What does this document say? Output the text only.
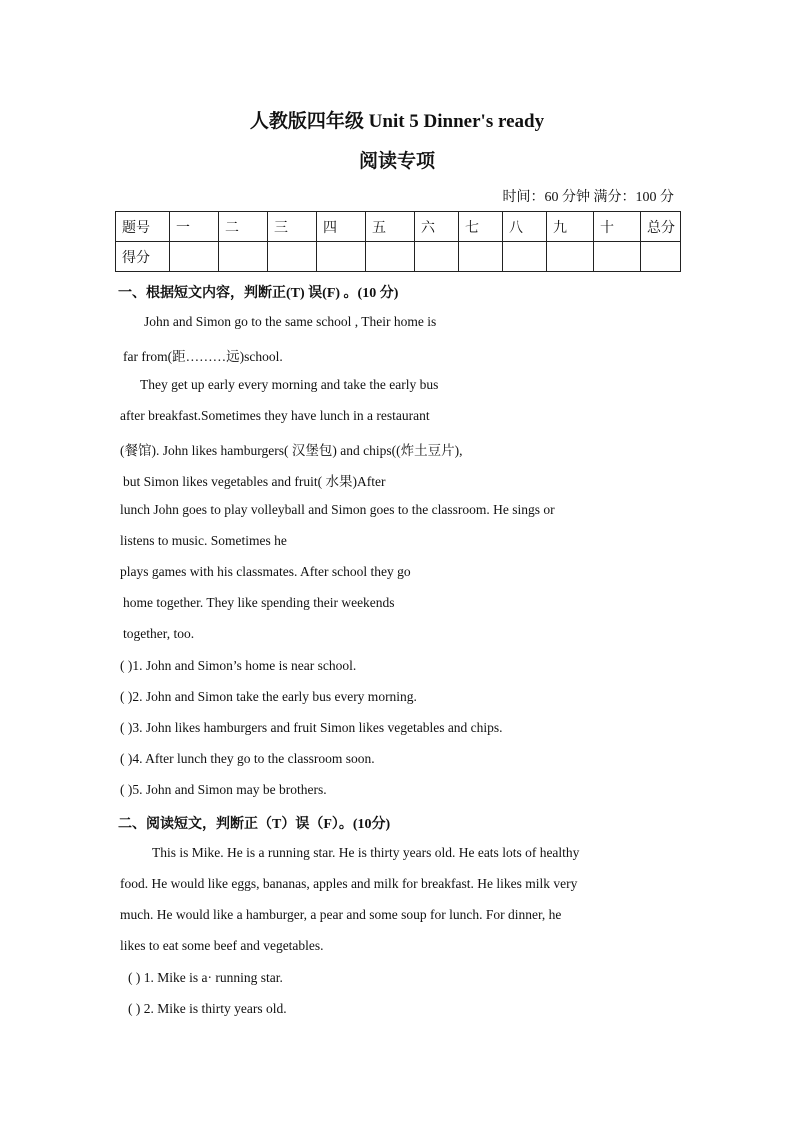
人教版四年级 Unit 5 Dinner's ready
阅读专项
时间：60 分钟 满分：100 分
题号	一	二	三	四	五	六	七	八	九	十	总分
得分											
一、根据短文内容，判断正(T) 误(F) 。(10 分)
John and Simon go to the same school , Their home is
far from(距………远)school.
They get up early every morning and take the early bus
after breakfast.Sometimes they have lunch in a restaurant
(餐馆). John likes hamburgers( 汉堡包) and chips((炸土豆片),
but Simon likes vegetables and fruit( 水果)After
lunch John goes to play volleyball and Simon goes to the classroom. He sings or
listens to music. Sometimes he
plays games with his classmates. After school they go
home together. They like spending their weekends
together, too.
( )1. John and Simon’s home is near school.
( )2. John and Simon take the early bus every morning.
( )3. John likes hamburgers and fruit Simon likes vegetables and chips.
( )4. After lunch they go to the classroom soon.
( )5. John and Simon may be brothers.
二、阅读短文，判断正（T）误（F）。(10分)
This is Mike. He is a running star. He is thirty years old. He eats lots of healthy
food. He would like eggs, bananas, apples and milk for breakfast. He likes milk very
much. He would like a hamburger, a pear and some soup for lunch. For dinner, he
likes to eat some beef and vegetables.
( ) 1. Mike is a· running star.
( ) 2. Mike is thirty years old.
